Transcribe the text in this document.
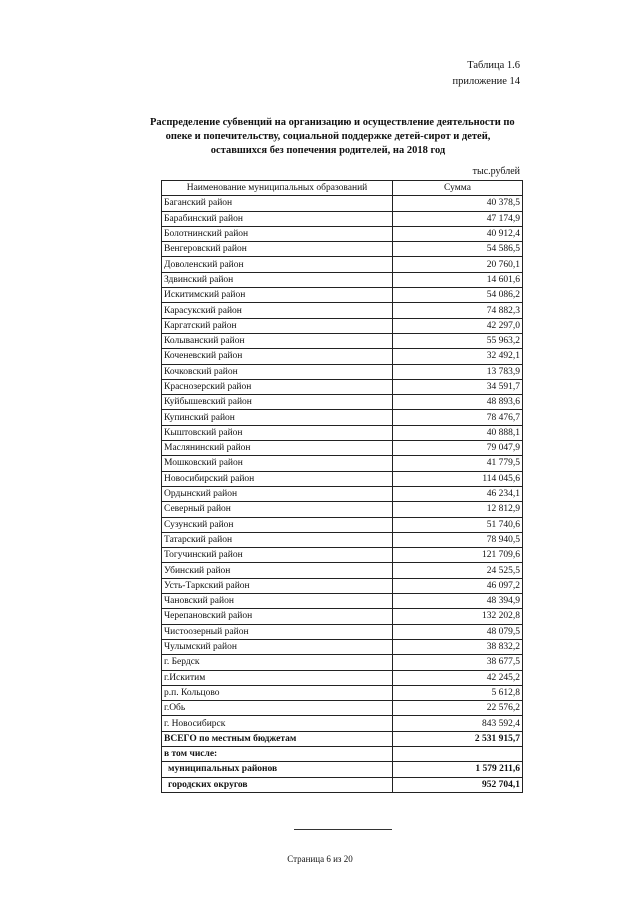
Таблица 1.6
приложение 14
Распределение субвенций на организацию и осуществление деятельности по
опеке и попечительству, социальной поддержке детей-сирот и детей,
оставшихся без попечения родителей, на 2018 год
тыс.рублей
Наименование муниципальных образований	Сумма
Баганский район	40 378,5
Барабинский район	47 174,9
Болотнинский район	40 912,4
Венгеровский район	54 586,5
Доволенский район	20 760,1
Здвинский район	14 601,6
Искитимский район	54 086,2
Карасукский район	74 882,3
Каргатский район	42 297,0
Колыванский район	55 963,2
Коченевский район	32 492,1
Кочковский район	13 783,9
Краснозерский район	34 591,7
Куйбышевский район	48 893,6
Купинский район	78 476,7
Кыштовский район	40 888,1
Маслянинский район	79 047,9
Мошковский район	41 779,5
Новосибирский район	114 045,6
Ордынский район	46 234,1
Северный район	12 812,9
Сузунский район	51 740,6
Татарский район	78 940,5
Тогучинский район	121 709,6
Убинский район	24 525,5
Усть-Таркский район	46 097,2
Чановский район	48 394,9
Черепановский район	132 202,8
Чистоозерный район	48 079,5
Чулымский район	38 832,2
г. Бердск	38 677,5
г.Искитим	42 245,2
р.п. Кольцово	5 612,8
г.Обь	22 576,2
г. Новосибирск	843 592,4
ВСЕГО по местным бюджетам	2 531 915,7
в том числе:	
муниципальных районов	1 579 211,6
городских округов	952 704,1
Страница 6 из 20
